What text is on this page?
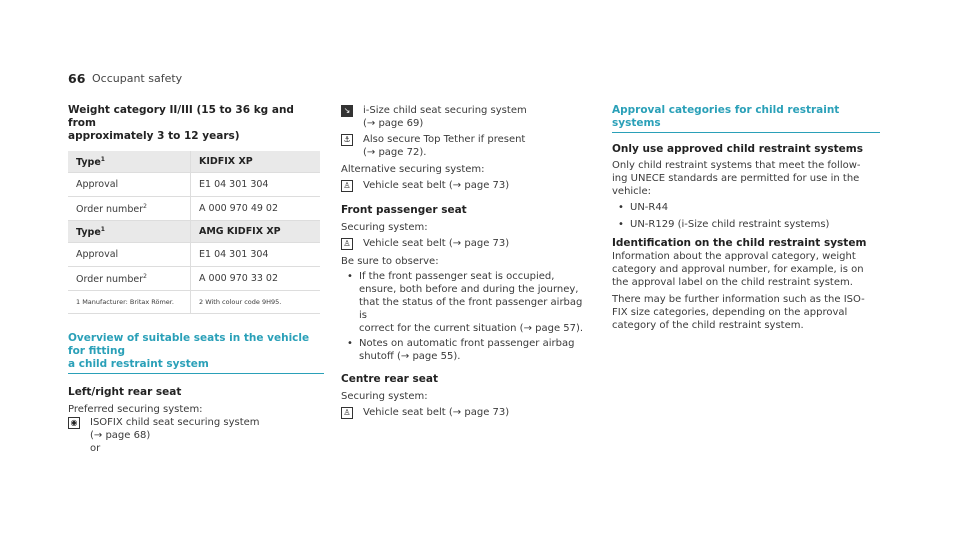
66 Occupant safety
Weight category II/III (15 to 36 kg and from
approximately 3 to 12 years)
Type$^1$	KIDFIX XP
Approval	E1 04 301 304
Order number$^2$	A 000 970 49 02
Type$^1$	AMG KIDFIX XP
Approval	E1 04 301 304
Order number$^2$	A 000 970 33 02
1 Manufacturer: Britax Römer.	2 With colour code 9H95.
Overview of suitable seats in the vehicle for fitting
a child restraint system
Left/right rear seat

Preferred securing system:

◉ ISOFIX child seat securing system
(→ page 68)
or
↘ i-Size child seat securing system
(→ page 69)
⚓ Also secure Top Tether if present
(→ page 72).

Alternative securing system:

♙ Vehicle seat belt (→ page 73)
Front passenger seat

Securing system:

♙ Vehicle seat belt (→ page 73)

Be sure to observe:

• If the front passenger seat is occupied,
ensure, both before and during the journey,
that the status of the front passenger airbag is
correct for the current situation (→ page 57).
• Notes on automatic front passenger airbag
shutoff (→ page 55).
Centre rear seat

Securing system:

♙ Vehicle seat belt (→ page 73)
Approval categories for child restraint systems
Only use approved child restraint systems
Only child restraint systems that meet the follow-
ing UNECE standards are permitted for use in the
vehicle:
• UN-R44
• UN-R129 (i-Size child restraint systems)
Identification on the child restraint system
Information about the approval category, weight
category and approval number, for example, is on
the approval label on the child restraint system.
There may be further information such as the ISO-
FIX size categories, depending on the approval
category of the child restraint system.
